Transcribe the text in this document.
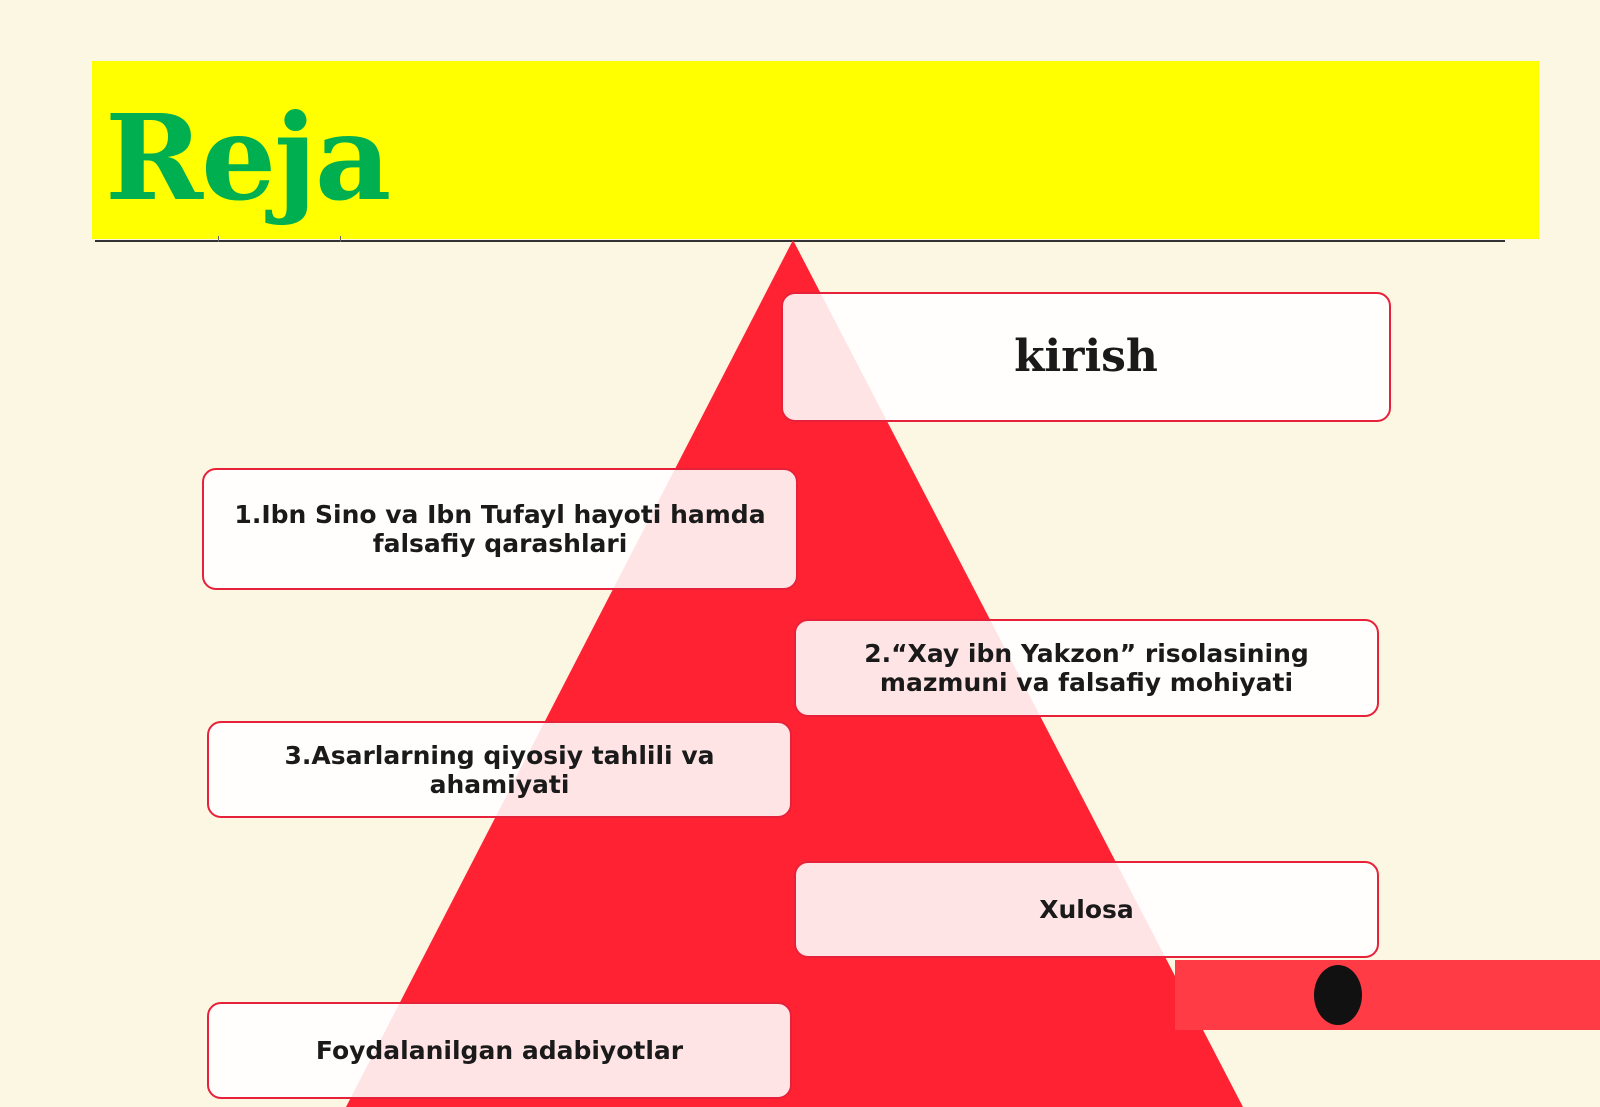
Reja
kirish
1.Ibn Sino va Ibn Tufayl hayoti hamda falsafiy qarashlari
2.“Xay ibn Yakzon” risolasining mazmuni va falsafiy mohiyati
3.Asarlarning qiyosiy tahlili va ahamiyati
Xulosa
Foydalanilgan adabiyotlar
